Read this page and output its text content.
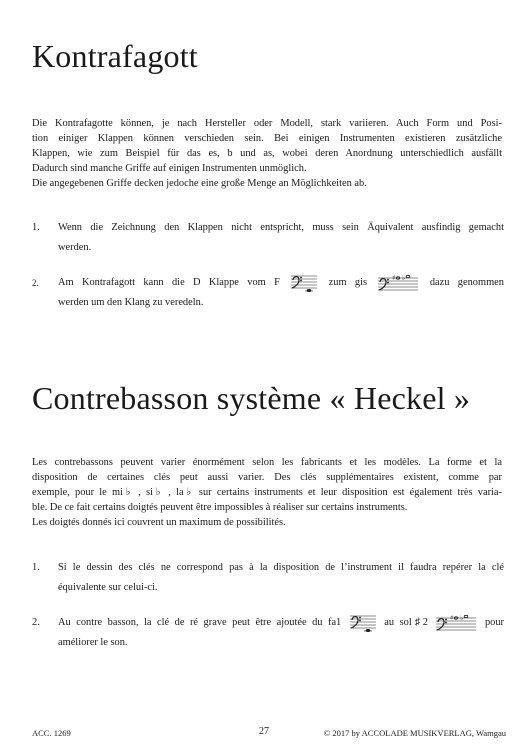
Kontrafagott
Die Kontrafagotte können, je nach Hersteller oder Modell, stark variieren. Auch Form und Posi-
tion einiger Klappen können verschieden sein. Bei einigen Instrumenten existieren zusätzliche
Klappen, wie zum Beispiel für das es, b und as, wobei deren Anordnung unterschiedlich ausfällt
Dadurch sind manche Griffe auf einigen Instrumenten unmöglich.
Die angegebenen Griffe decken jedoche eine große Menge an Möglichkeiten ab.
1. Wenn die Zeichnung den Klappen nicht entspricht, muss sein Äquivalent ausfindig gemacht
werden.
2. Am Kontrafagott kann die D Klappe vom F	zum gis	♯ ♭ dazu genommen
werden um den Klang zu veredeln.
Contrebasson système « Heckel »
Les contrebassons peuvent varier énormément selon les fabricants et les modèles. La forme et la
disposition de certaines clés peut aussi varier. Des clés supplémentaires existent, comme par
exemple, pour le mi♭ , si♭ , la♭ sur certains instruments et leur disposition est également très varia-
ble. De ce fait certains doigtés peuvent être impossibles à réaliser sur certains instruments.
Les doigtés donnés ici couvrent un maximum de possibilités.
1. Si le dessin des clés ne correspond pas à la disposition de l’instrument il faudra repérer la clé
équivalente sur celui-ci.
2. Au contre basson, la clé de ré grave peut être ajoutée du fa1	au sol♯2	♯ ♭ pour
améliorer le son.
ACC. 1269	27	© 2017 by ACCOLADE MUSIKVERLAG, Wamgau
